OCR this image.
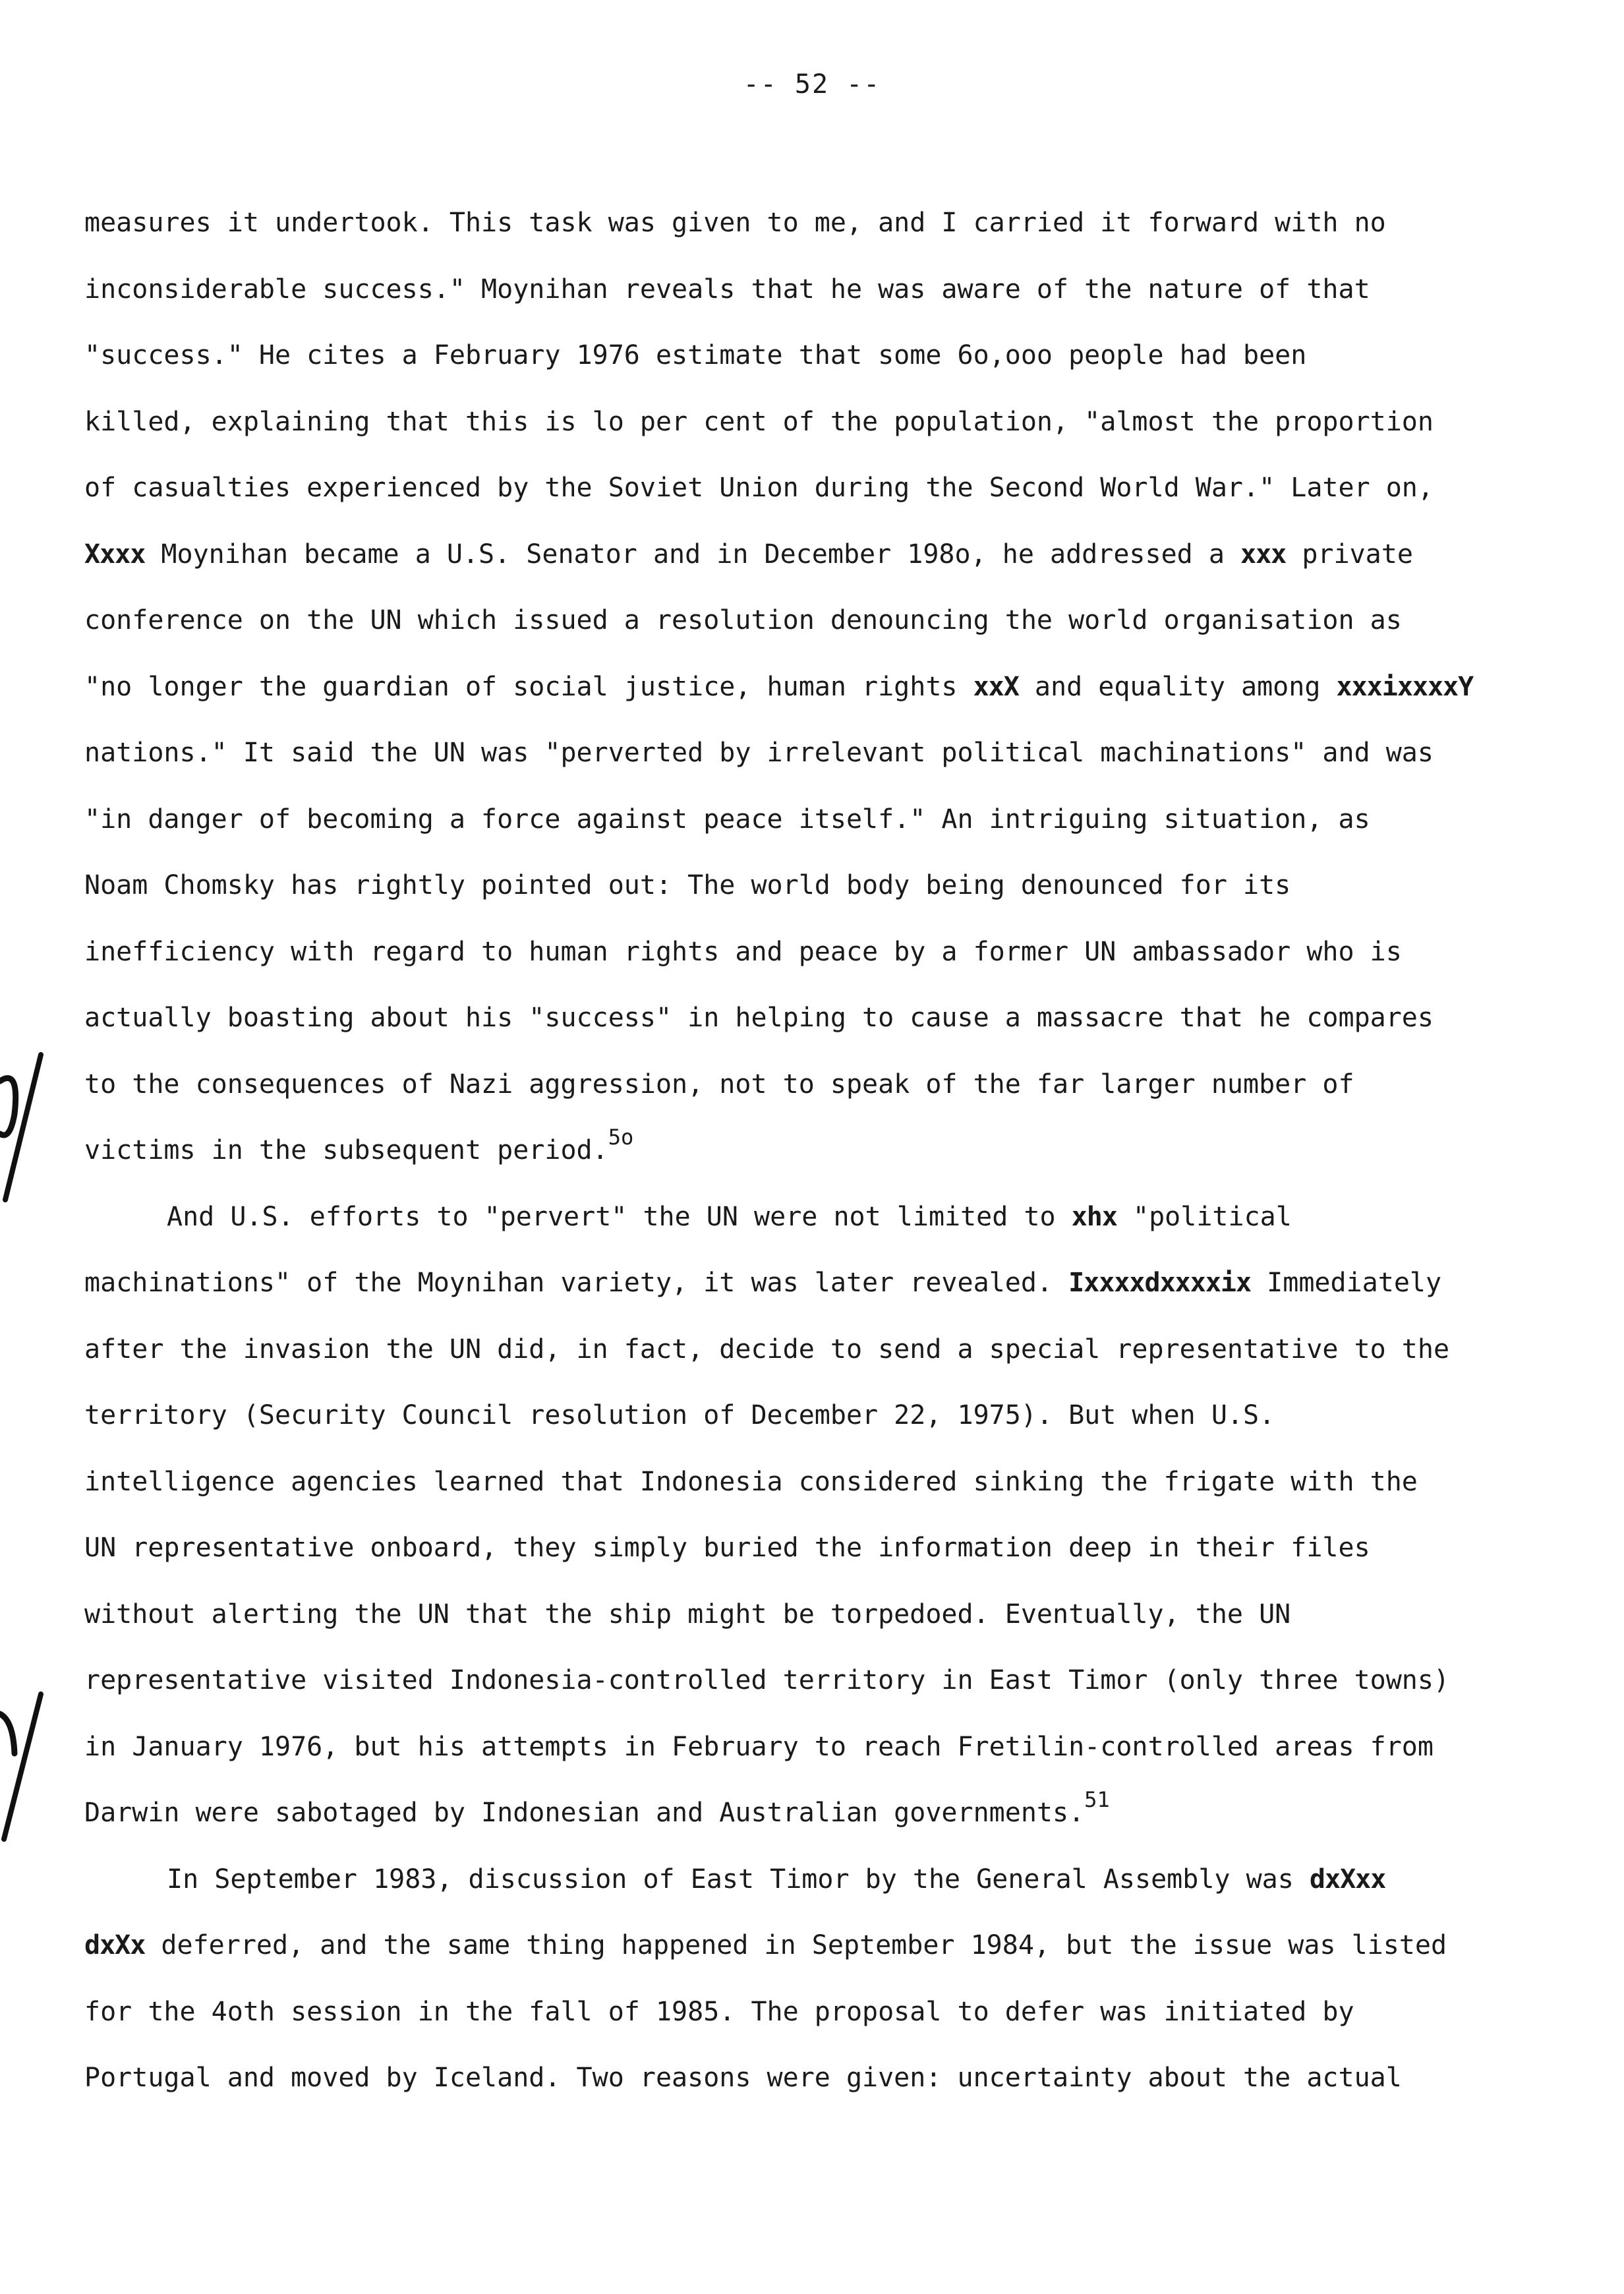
-- 52 --
measures it undertook. This task was given to me, and I carried it forward with no
inconsiderable success." Moynihan reveals that he was aware of the nature of that
"success." He cites a February 1976 estimate that some 6o,ooo people had been
killed, explaining that this is lo per cent of the population, "almost the proportion
of casualties experienced by the Soviet Union during the Second World War." Later on,
Xxxx Moynihan became a U.S. Senator and in December 198o, he addressed a xxx private
conference on the UN which issued a resolution denouncing the world organisation as
"no longer the guardian of social justice, human rights xxX and equality among xxxixxxxY
nations." It said the UN was "perverted by irrelevant political machinations" and was
"in danger of becoming a force against peace itself." An intriguing situation, as
Noam Chomsky has rightly pointed out: The world body being denounced for its
inefficiency with regard to human rights and peace by a former UN ambassador who is
actually boasting about his "success" in helping to cause a massacre that he compares
to the consequences of Nazi aggression, not to speak of the far larger number of
victims in the subsequent period.$^{5o}$
And U.S. efforts to "pervert" the UN were not limited to xhx "political
machinations" of the Moynihan variety, it was later revealed. Ixxxxdxxxxix Immediately
after the invasion the UN did, in fact, decide to send a special representative to the
territory (Security Council resolution of December 22, 1975). But when U.S.
intelligence agencies learned that Indonesia considered sinking the frigate with the
UN representative onboard, they simply buried the information deep in their files
without alerting the UN that the ship might be torpedoed. Eventually, the UN
representative visited Indonesia-controlled territory in East Timor (only three towns)
in January 1976, but his attempts in February to reach Fretilin-controlled areas from
Darwin were sabotaged by Indonesian and Australian governments.$^{51}$
In September 1983, discussion of East Timor by the General Assembly was dxXxx
dxXx deferred, and the same thing happened in September 1984, but the issue was listed
for the 4oth session in the fall of 1985. The proposal to defer was initiated by
Portugal and moved by Iceland. Two reasons were given: uncertainty about the actual
